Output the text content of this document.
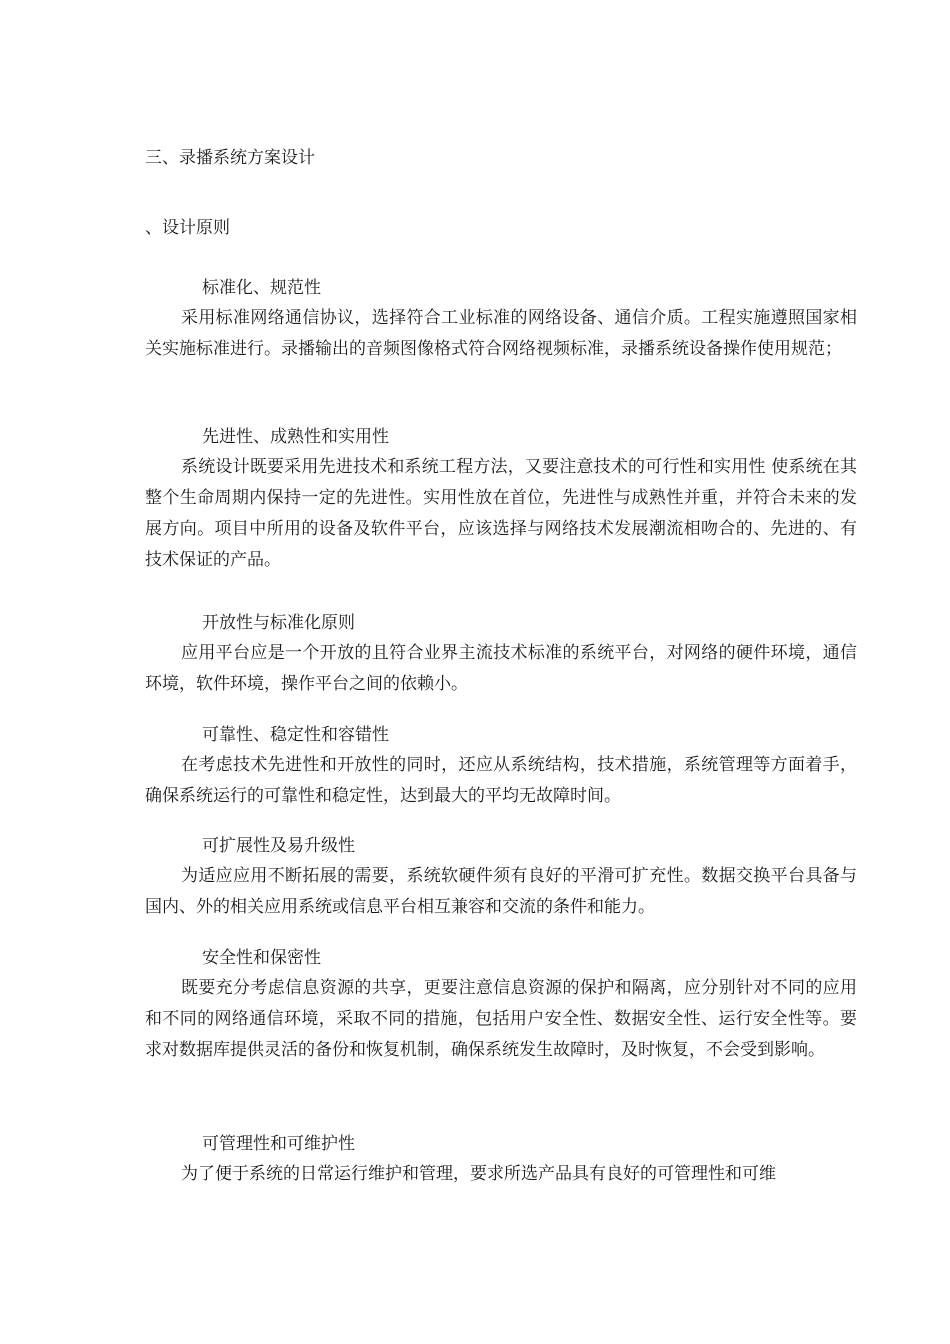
三、录播系统方案设计
、设计原则
标准化、规范性

采用标准网络通信协议，选择符合工业标准的网络设备、通信介质。工程实施遵照国家相关实施标准进行。录播输出的音频图像格式符合网络视频标准，录播系统设备操作使用规范；

先进性、成熟性和实用性

系统设计既要采用先进技术和系统工程方法，又要注意技术的可行性和实用性 使系统在其整个生命周期内保持一定的先进性。实用性放在首位，先进性与成熟性并重，并符合未来的发展方向。项目中所用的设备及软件平台，应该选择与网络技术发展潮流相吻合的、先进的、有技术保证的产品。

开放性与标准化原则

应用平台应是一个开放的且符合业界主流技术标准的系统平台，对网络的硬件环境，通信环境，软件环境，操作平台之间的依赖小。

可靠性、稳定性和容错性

在考虑技术先进性和开放性的同时，还应从系统结构，技术措施，系统管理等方面着手，确保系统运行的可靠性和稳定性，达到最大的平均无故障时间。

可扩展性及易升级性

为适应应用不断拓展的需要，系统软硬件须有良好的平滑可扩充性。数据交换平台具备与国内、外的相关应用系统或信息平台相互兼容和交流的条件和能力。

安全性和保密性

既要充分考虑信息资源的共享，更要注意信息资源的保护和隔离，应分别针对不同的应用和不同的网络通信环境，采取不同的措施，包括用户安全性、数据安全性、运行安全性等。要求对数据库提供灵活的备份和恢复机制，确保系统发生故障时，及时恢复，不会受到影响。

可管理性和可维护性

为了便于系统的日常运行维护和管理，要求所选产品具有良好的可管理性和可维
